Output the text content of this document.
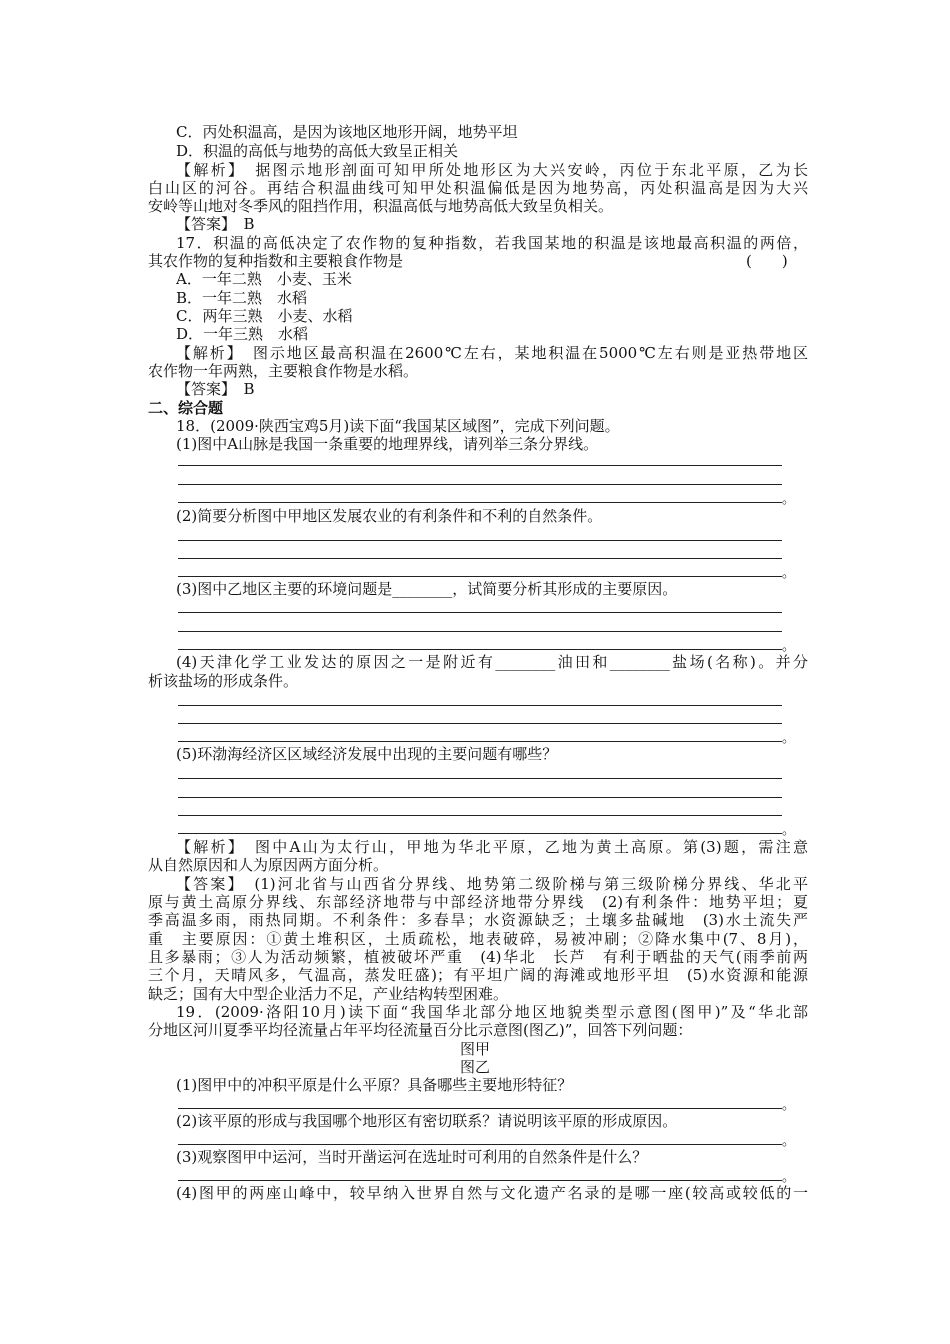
C．丙处积温高，是因为该地区地形开阔，地势平坦
D．积温的高低与地势的高低大致呈正相关
【解析】　据图示地形剖面可知甲所处地形区为大兴安岭，丙位于东北平原，乙为长
白山区的河谷。再结合积温曲线可知甲处积温偏低是因为地势高，丙处积温高是因为大兴
安岭等山地对冬季风的阻挡作用，积温高低与地势高低大致呈负相关。
【答案】　B
17．积温的高低决定了农作物的复种指数，若我国某地的积温是该地最高积温的两倍，
其农作物的复种指数和主要粮食作物是	(　　)
A．一年二熟　小麦、玉米
B．一年二熟　水稻
C．两年三熟　小麦、水稻
D．一年三熟　水稻
【解析】　图示地区最高积温在2600℃左右，某地积温在5000℃左右则是亚热带地区
农作物一年两熟，主要粮食作物是水稻。
【答案】　B
二、综合题
18．(2009·陕西宝鸡5月)读下面“我国某区域图”，完成下列问题。
(1)图中A山脉是我国一条重要的地理界线，请列举三条分界线。
。
(2)简要分析图中甲地区发展农业的有利条件和不利的自然条件。
。
(3)图中乙地区主要的环境问题是________，试简要分析其形成的主要原因。
。
(4)天津化学工业发达的原因之一是附近有________油田和________盐场(名称)。并分
析该盐场的形成条件。
。
(5)环渤海经济区区域经济发展中出现的主要问题有哪些？
。
【解析】　图中A山为太行山，甲地为华北平原，乙地为黄土高原。第(3)题，需注意
从自然原因和人为原因两方面分析。
【答案】　(1)河北省与山西省分界线、地势第二级阶梯与第三级阶梯分界线、华北平
原与黄土高原分界线、东部经济地带与中部经济地带分界线　(2)有利条件：地势平坦；夏
季高温多雨，雨热同期。不利条件：多春旱；水资源缺乏；土壤多盐碱地　(3)水土流失严
重　主要原因：①黄土堆积区，土质疏松，地表破碎，易被冲刷；②降水集中(7、8月)，
且多暴雨；③人为活动频繁，植被破坏严重　(4)华北　长芦　有利于晒盐的天气(雨季前两
三个月，天晴风多，气温高，蒸发旺盛)；有平坦广阔的海滩或地形平坦　(5)水资源和能源
缺乏；国有大中型企业活力不足，产业结构转型困难。
19．(2009·洛阳10月)读下面“我国华北部分地区地貌类型示意图(图甲)”及“华北部
分地区河川夏季平均径流量占年平均径流量百分比示意图(图乙)”，回答下列问题：
图甲
图乙
(1)图甲中的冲积平原是什么平原？具备哪些主要地形特征？
。
(2)该平原的形成与我国哪个地形区有密切联系？请说明该平原的形成原因。
。
(3)观察图甲中运河，当时开凿运河在选址时可利用的自然条件是什么？
。
(4)图甲的两座山峰中，较早纳入世界自然与文化遗产名录的是哪一座(较高或较低的一
